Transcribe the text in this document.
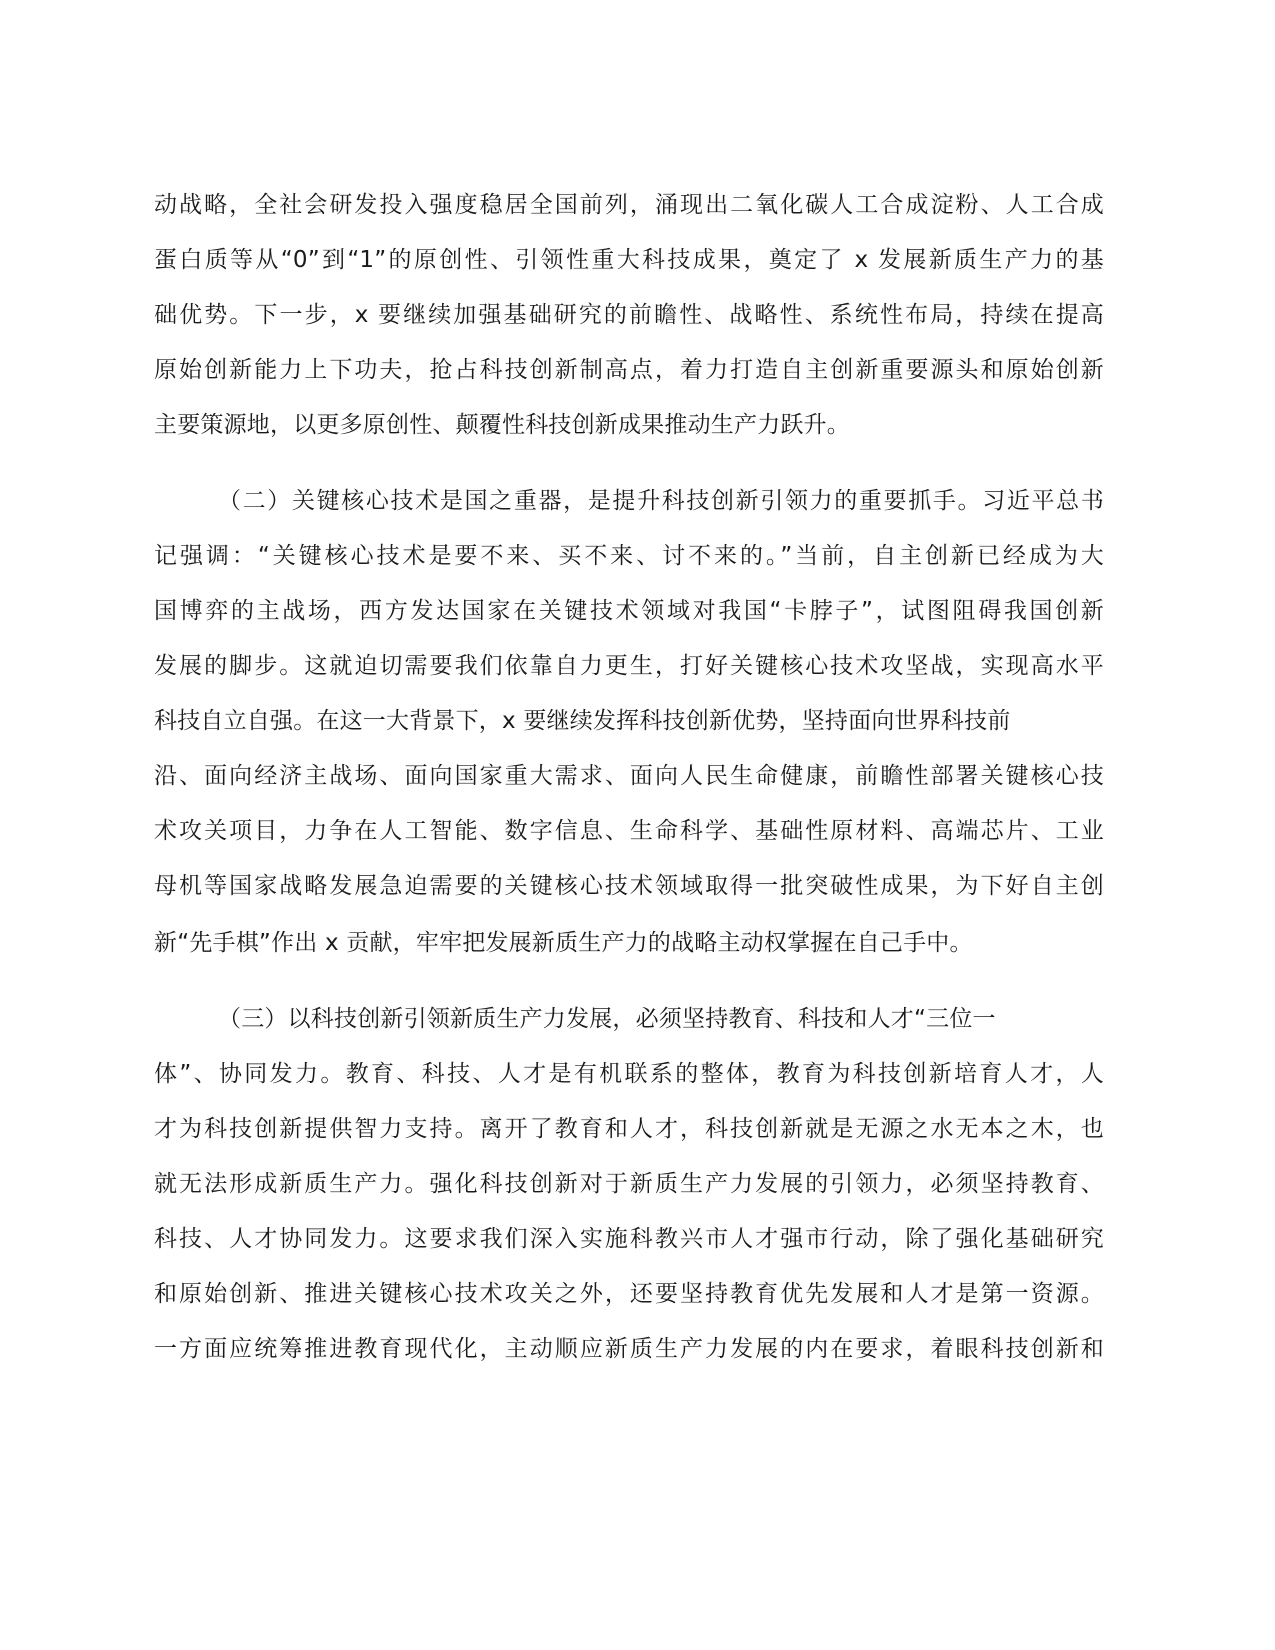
动战略，全社会研发投入强度稳居全国前列，涌现出二氧化碳人工合成淀粉、人工合成
蛋白质等从“0”到“1”的原创性、引领性重大科技成果，奠定了 x 发展新质生产力的基
础优势。下一步，x 要继续加强基础研究的前瞻性、战略性、系统性布局，持续在提高
原始创新能力上下功夫，抢占科技创新制高点，着力打造自主创新重要源头和原始创新
主要策源地，以更多原创性、颠覆性科技创新成果推动生产力跃升。
（二）关键核心技术是国之重器，是提升科技创新引领力的重要抓手。习近平总书
记强调：“关键核心技术是要不来、买不来、讨不来的。”当前，自主创新已经成为大
国博弈的主战场，西方发达国家在关键技术领域对我国“卡脖子”，试图阻碍我国创新
发展的脚步。这就迫切需要我们依靠自力更生，打好关键核心技术攻坚战，实现高水平
科技自立自强。在这一大背景下，x 要继续发挥科技创新优势，坚持面向世界科技前
沿、面向经济主战场、面向国家重大需求、面向人民生命健康，前瞻性部署关键核心技
术攻关项目，力争在人工智能、数字信息、生命科学、基础性原材料、高端芯片、工业
母机等国家战略发展急迫需要的关键核心技术领域取得一批突破性成果，为下好自主创
新“先手棋”作出 x 贡献，牢牢把发展新质生产力的战略主动权掌握在自己手中。
（三）以科技创新引领新质生产力发展，必须坚持教育、科技和人才“三位一
体”、协同发力。教育、科技、人才是有机联系的整体，教育为科技创新培育人才，人
才为科技创新提供智力支持。离开了教育和人才，科技创新就是无源之水无本之木，也
就无法形成新质生产力。强化科技创新对于新质生产力发展的引领力，必须坚持教育、
科技、人才协同发力。这要求我们深入实施科教兴市人才强市行动，除了强化基础研究
和原始创新、推进关键核心技术攻关之外，还要坚持教育优先发展和人才是第一资源。
一方面应统筹推进教育现代化，主动顺应新质生产力发展的内在要求，着眼科技创新和
